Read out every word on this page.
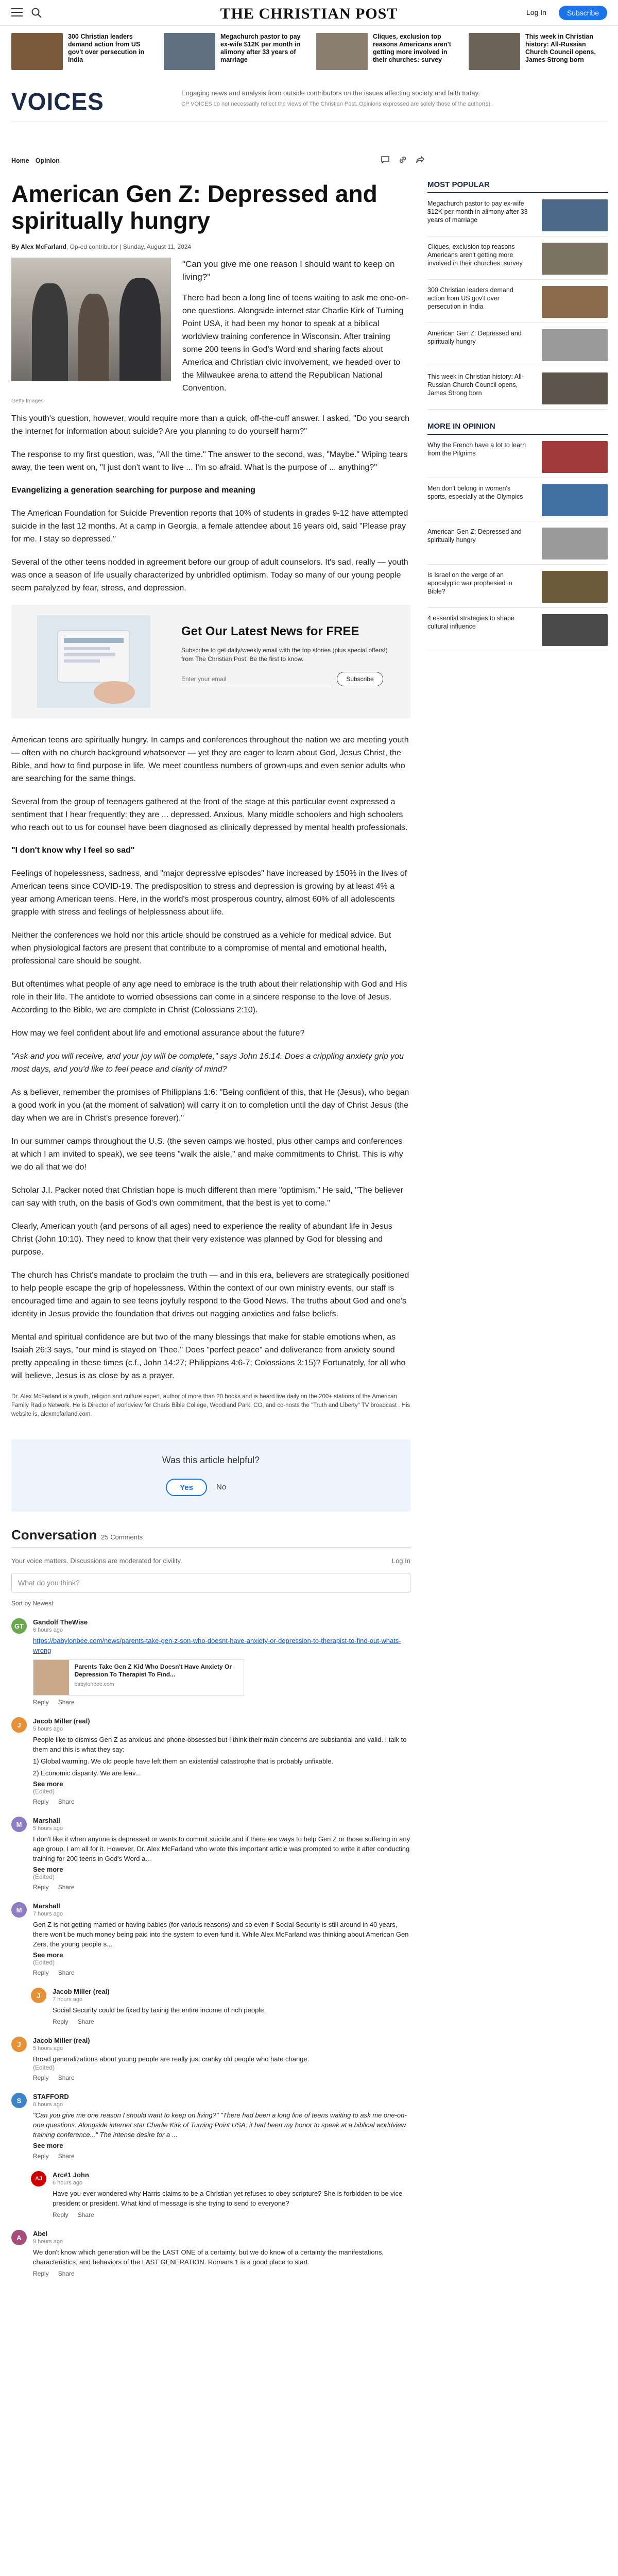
THE CHRISTIAN POST	Log In	Subscribe
300 Christian leaders demand action from US gov't over persecution in India
Megachurch pastor to pay ex-wife $12K per month in alimony after 33 years of marriage
Cliques, exclusion top reasons Americans aren't getting more involved in their churches: survey
This week in Christian history: All-Russian Church Council opens, James Strong born
VOICES	Engaging news and analysis from outside contributors on the issues affecting society and faith today.
CP VOICES do not necessarily reflect the views of The Christian Post. Opinions expressed are solely those of the author(s).
Home Opinion
American Gen Z: Depressed and spiritually hungry
By Alex McFarland, Op-ed contributor | Sunday, August 11, 2024

"Can you give me one reason I should want to keep on living?"

There had been a long line of teens waiting to ask me one-on-one questions. Alongside internet star Charlie Kirk of Turning Point USA, it had been my honor to speak at a biblical worldview training conference in Wisconsin. After training some 200 teens in God's Word and sharing facts about America and Christian civic involvement, we headed over to the Milwaukee arena to attend the Republican National Convention.

Getty Images

This youth's question, however, would require more than a quick, off-the-cuff answer. I asked, "Do you search the internet for information about suicide? Are you planning to do yourself harm?"

The response to my first question, was, "All the time." The answer to the second, was, "Maybe." Wiping tears away, the teen went on, "I just don't want to live ... I'm so afraid. What is the purpose of ... anything?"

Evangelizing a generation searching for purpose and meaning

The American Foundation for Suicide Prevention reports that 10% of students in grades 9-12 have attempted suicide in the last 12 months. At a camp in Georgia, a female attendee about 16 years old, said "Please pray for me. I stay so depressed."

Several of the other teens nodded in agreement before our group of adult counselors. It's sad, really — youth was once a season of life usually characterized by unbridled optimism. Today so many of our young people seem paralyzed by fear, stress, and depression.

Get Our Latest News for FREE
Subscribe to get daily/weekly email with the top stories (plus special offers!) from The Christian Post. Be the first to know.
Enter your email
Subscribe

American teens are spiritually hungry. In camps and conferences throughout the nation we are meeting youth — often with no church background whatsoever — yet they are eager to learn about God, Jesus Christ, the Bible, and how to find purpose in life. We meet countless numbers of grown-ups and even senior adults who are searching for the same things.

Several from the group of teenagers gathered at the front of the stage at this particular event expressed a sentiment that I hear frequently: they are ... depressed. Anxious. Many middle schoolers and high schoolers who reach out to us for counsel have been diagnosed as clinically depressed by mental health professionals.

"I don't know why I feel so sad"

Feelings of hopelessness, sadness, and "major depressive episodes" have increased by 150% in the lives of American teens since COVID-19. The predisposition to stress and depression is growing by at least 4% a year among American teens. Here, in the world's most prosperous country, almost 60% of all adolescents grapple with stress and feelings of helplessness about life.

Neither the conferences we hold nor this article should be construed as a vehicle for medical advice. But when physiological factors are present that contribute to a compromise of mental and emotional health, professional care should be sought.

But oftentimes what people of any age need to embrace is the truth about their relationship with God and His role in their life. The antidote to worried obsessions can come in a sincere response to the love of Jesus. According to the Bible, we are complete in Christ (Colossians 2:10).

How may we feel confident about life and emotional assurance about the future?

"Ask and you will receive, and your joy will be complete," says John 16:14. Does a crippling anxiety grip you most days, and you'd like to feel peace and clarity of mind?

As a believer, remember the promises of Philippians 1:6: "Being confident of this, that He (Jesus), who began a good work in you (at the moment of salvation) will carry it on to completion until the day of Christ Jesus (the day when we are in Christ's presence forever)."

In our summer camps throughout the U.S. (the seven camps we hosted, plus other camps and conferences at which I am invited to speak), we see teens "walk the aisle," and make commitments to Christ. This is why we do all that we do!

Scholar J.I. Packer noted that Christian hope is much different than mere "optimism." He said, "The believer can say with truth, on the basis of God's own commitment, that the best is yet to come."

Clearly, American youth (and persons of all ages) need to experience the reality of abundant life in Jesus Christ (John 10:10). They need to know that their very existence was planned by God for blessing and purpose.

The church has Christ's mandate to proclaim the truth — and in this era, believers are strategically positioned to help people escape the grip of hopelessness. Within the context of our own ministry events, our staff is encouraged time and again to see teens joyfully respond to the Good News. The truths about God and one's identity in Jesus provide the foundation that drives out nagging anxieties and false beliefs.

Mental and spiritual confidence are but two of the many blessings that make for stable emotions when, as Isaiah 26:3 says, "our mind is stayed on Thee." Does "perfect peace" and deliverance from anxiety sound pretty appealing in these times (c.f., John 14:27; Philippians 4:6-7; Colossians 3:15)? Fortunately, for all who will believe, Jesus is as close by as a prayer.

Dr. Alex McFarland is a youth, religion and culture expert, author of more than 20 books and is heard live daily on the 200+ stations of the American Family Radio Network. He is Director of worldview for Charis Bible College, Woodland Park, CO, and co-hosts the "Truth and Liberty" TV broadcast . His website is, alexmcfarland.com.
Was this article helpful?
Yes	No
Conversation 25 Comments
Your voice matters. Discussions are moderated for civility.	Log In
What do you think?
Sort by Newest
GT	Gandolf TheWise
6 hours ago
https://babylonbee.com/news/parents-take-gen-z-son-who-doesnt-have-anxiety-or-depression-to-therapist-to-find-out-whats-wrong
Parents Take Gen Z Kid Who Doesn't Have Anxiety Or Depression To Therapist To Find...
babylonbee.com
Reply Share
J	Jacob Miller (real)
5 hours ago
People like to dismiss Gen Z as anxious and phone-obsessed but I think their main concerns are substantial and valid. I talk to them and this is what they say:
1) Global warming. We old people have left them an existential catastrophe that is probably unfixable.
2) Economic disparity. We are leav...
See more
(Edited)
Reply Share
M	Marshall
5 hours ago
I don't like it when anyone is depressed or wants to commit suicide and if there are ways to help Gen Z or those suffering in any age group, I am all for it. However, Dr. Alex McFarland who wrote this important article was prompted to write it after conducting training for 200 teens in God's Word a...
See more
(Edited)
Reply Share
M	Marshall
7 hours ago
Gen Z is not getting married or having babies (for various reasons) and so even if Social Security is still around in 40 years, there won't be much money being paid into the system to even fund it. While Alex McFarland was thinking about American Gen Zers, the young people s...
See more
(Edited)
Reply Share
J	Jacob Miller (real)
7 hours ago
Social Security could be fixed by taxing the entire income of rich people.
Reply Share
J	Jacob Miller (real)
5 hours ago
Broad generalizations about young people are really just cranky old people who hate change.
(Edited)
Reply Share
S	STAFFORD
8 hours ago
"Can you give me one reason I should want to keep on living?" "There had been a long line of teens waiting to ask me one-on-one questions. Alongside internet star Charlie Kirk of Turning Point USA, it had been my honor to speak at a biblical worldview training conference..." The intense desire for a ...
See more
Reply Share
AJ	Arc#1 John
6 hours ago
Have you ever wondered why Harris claims to be a Christian yet refuses to obey scripture? She is forbidden to be vice president or president. What kind of message is she trying to send to everyone?
Reply Share
A	Abel
9 hours ago
We don't know which generation will be the LAST ONE of a certainty, but we do know of a certainty the manifestations, characteristics, and behaviors of the LAST GENERATION. Romans 1 is a good place to start.
Reply Share
MOST POPULAR
Megachurch pastor to pay ex-wife $12K per month in alimony after 33 years of marriage
Cliques, exclusion top reasons Americans aren't getting more involved in their churches: survey
300 Christian leaders demand action from US gov't over persecution in India
American Gen Z: Depressed and spiritually hungry
This week in Christian history: All-Russian Church Council opens, James Strong born
MORE IN OPINION
Why the French have a lot to learn from the Pilgrims
Men don't belong in women's sports, especially at the Olympics
American Gen Z: Depressed and spiritually hungry
Is Israel on the verge of an apocalyptic war prophesied in Bible?
4 essential strategies to shape cultural influence
